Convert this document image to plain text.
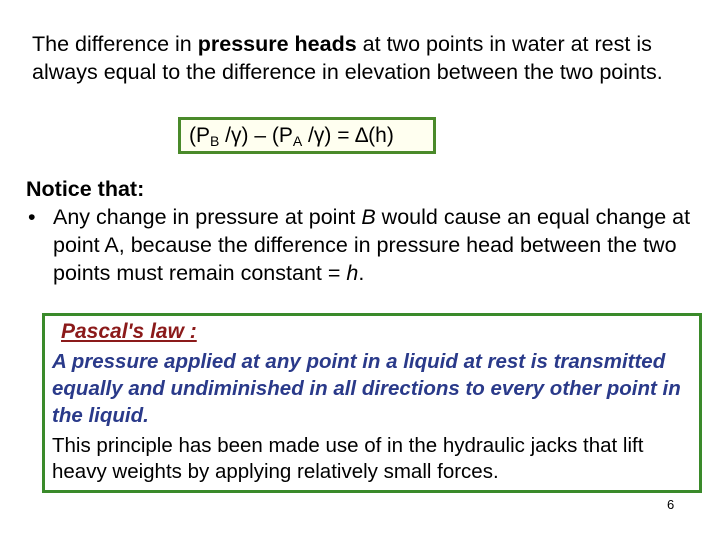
The difference in pressure heads at two points in water at rest is always equal to the difference in elevation between the two points.
($P_B$ $/\gamma) - (P_A$ /γ) = ∆(h)
Notice that:
• Any change in pressure at point B would cause an equal change at point A, because the difference in pressure head between the two points must remain constant = h.
Pascal's law :
A pressure applied at any point in a liquid at rest is transmitted equally and undiminished in all directions to every other point in the liquid.
This principle has been made use of in the hydraulic jacks that lift heavy weights by applying relatively small forces.
6
